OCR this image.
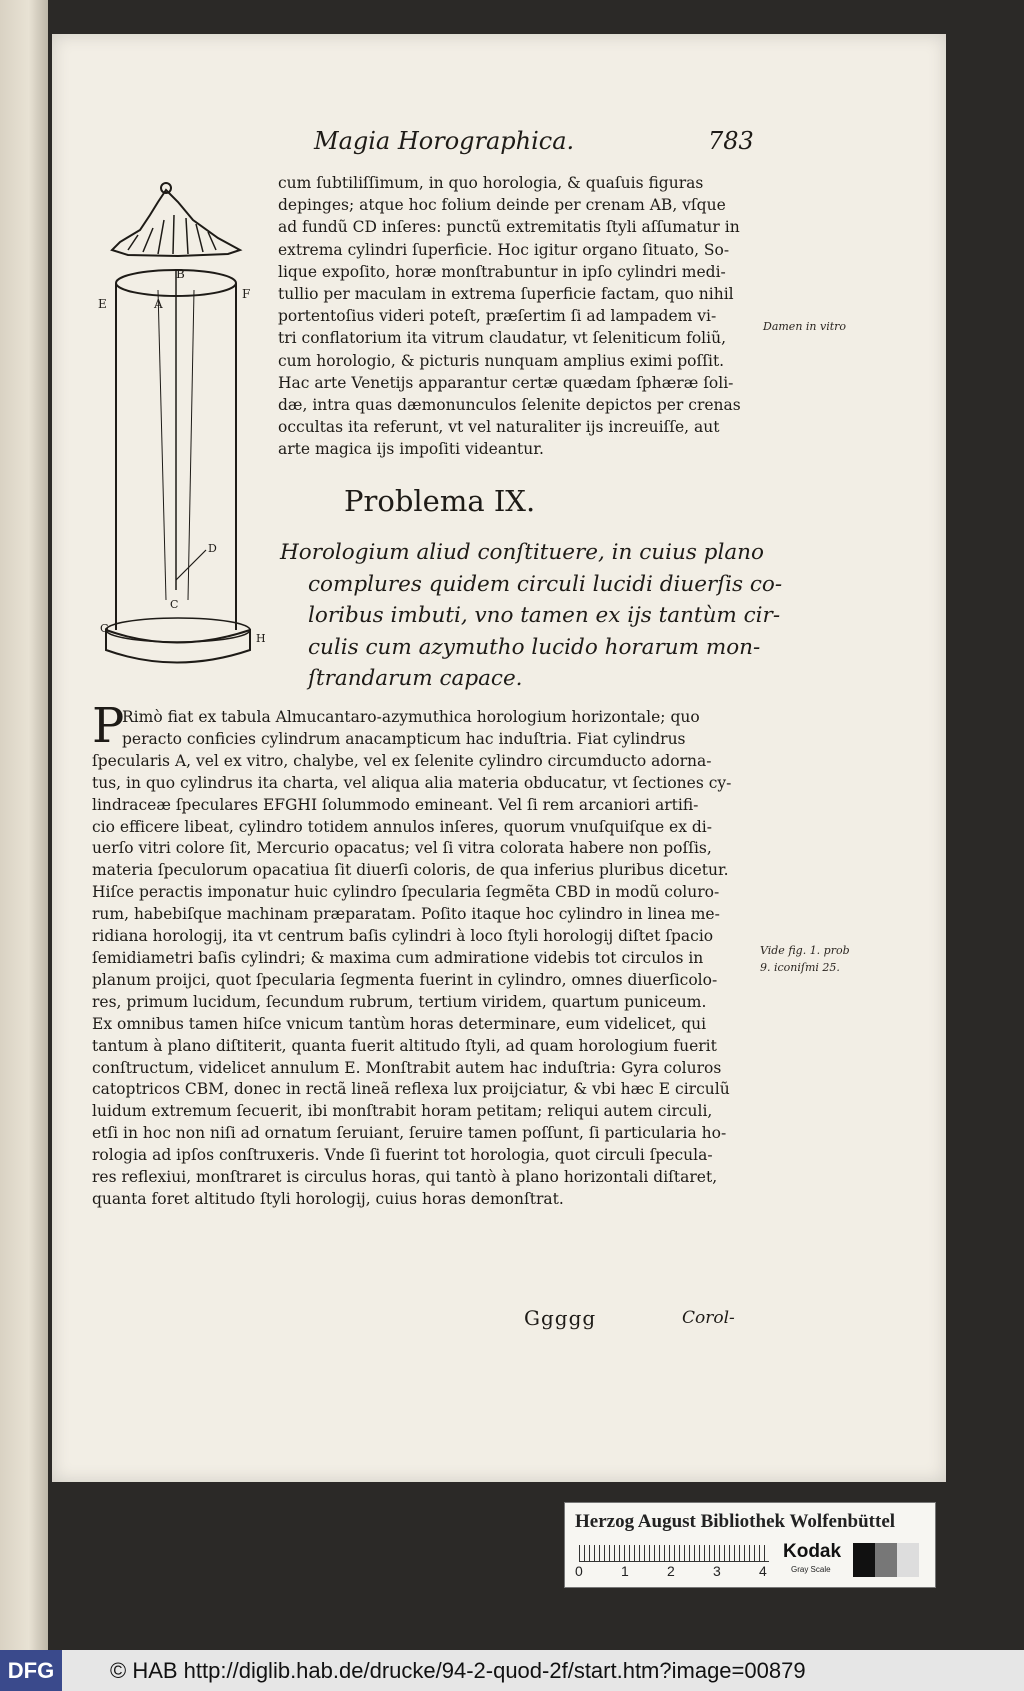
Magia Horographica.	783
A
B
E
F
D
C
G
H
cum ſubtiliſſimum, in quo horologia, & quaſuis figuras
depinges; atque hoc folium deinde per crenam AB, vſque
ad fundũ CD inſeres: punctũ extremitatis ſtyli aſſumatur in
extrema cylindri ſuperficie. Hoc igitur organo ſituato, So-
lique expoſito, horæ monſtrabuntur in ipſo cylindri medi-
tullio per maculam in extrema ſuperficie factam, quo nihil
portentoſius videri poteſt, præſertim ſi ad lampadem vi-
tri conflatorium ita vitrum claudatur, vt ſeleniticum foliũ,
cum horologio, & picturis nunquam amplius eximi poſſit.
Hac arte Venetijs apparantur certæ quædam ſphæræ ſoli-
dæ, intra quas dæmonunculos ſelenite depictos per crenas
occultas ita referunt, vt vel naturaliter ijs increuiſſe, aut
arte magica ijs impoſiti videantur.
Damen in vitro
Problema IX.
Horologium aliud conſtituere, in cuius plano
complures quidem circuli lucidi diuerſis co-
loribus imbuti, vno tamen ex ijs tantùm cir-
culis cum azymutho lucido horarum mon-
ſtrandarum capace.
P
Rimò fiat ex tabula Almucantaro-azymuthica horologium horizontale; quo
peracto conficies cylindrum anacampticum hac induſtria. Fiat cylindrus
ſpecularis A, vel ex vitro, chalybe, vel ex ſelenite cylindro circumducto adorna-
tus, in quo cylindrus ita charta, vel aliqua alia materia obducatur, vt ſectiones cy-
lindraceæ ſpeculares EFGHI ſolummodo emineant. Vel ſi rem arcaniori artifi-
cio efficere libeat, cylindro totidem annulos inſeres, quorum vnuſquiſque ex di-
uerſo vitri colore ſit, Mercurio opacatus; vel ſi vitra colorata habere non poſſis,
materia ſpeculorum opacatiua ſit diuerſi coloris, de qua inferius pluribus dicetur.
Hiſce peractis imponatur huic cylindro ſpecularia ſegmẽta CBD in modũ coluro-
rum, habebiſque machinam præparatam. Poſito itaque hoc cylindro in linea me-
ridiana horologij, ita vt centrum baſis cylindri à loco ſtyli horologij diſtet ſpacio
ſemidiametri baſis cylindri; & maxima cum admiratione videbis tot circulos in
planum proijci, quot ſpecularia ſegmenta fuerint in cylindro, omnes diuerſicolo-
res, primum lucidum, ſecundum rubrum, tertium viridem, quartum puniceum.
Ex omnibus tamen hiſce vnicum tantùm horas determinare, eum videlicet, qui
tantum à plano diſtiterit, quanta fuerit altitudo ſtyli, ad quam horologium fuerit
conſtructum, videlicet annulum E. Monſtrabit autem hac induſtria: Gyra coluros
catoptricos CBM, donec in rectã lineã reflexa lux proijciatur, & vbi hæc E circulũ
luidum extremum ſecuerit, ibi monſtrabit horam petitam; reliqui autem circuli,
etſi in hoc non niſi ad ornatum ſeruiant, ſeruire tamen poſſunt, ſi particularia ho-
rologia ad ipſos conſtruxeris. Vnde ſi fuerint tot horologia, quot circuli ſpecula-
res reflexiui, monſtraret is circulus horas, qui tantò à plano horizontali diſtaret,
quanta foret altitudo ſtyli horologij, cuius horas demonſtrat.
Vide fig. 1. prob
9. iconiſmi 25.
Ggggg	Corol-
Herzog August Bibliothek Wolfenbüttel
0	1	2	3	4
Kodak
Gray Scale
DFG	© HAB http://diglib.hab.de/drucke/94-2-quod-2f/start.htm?image=00879
